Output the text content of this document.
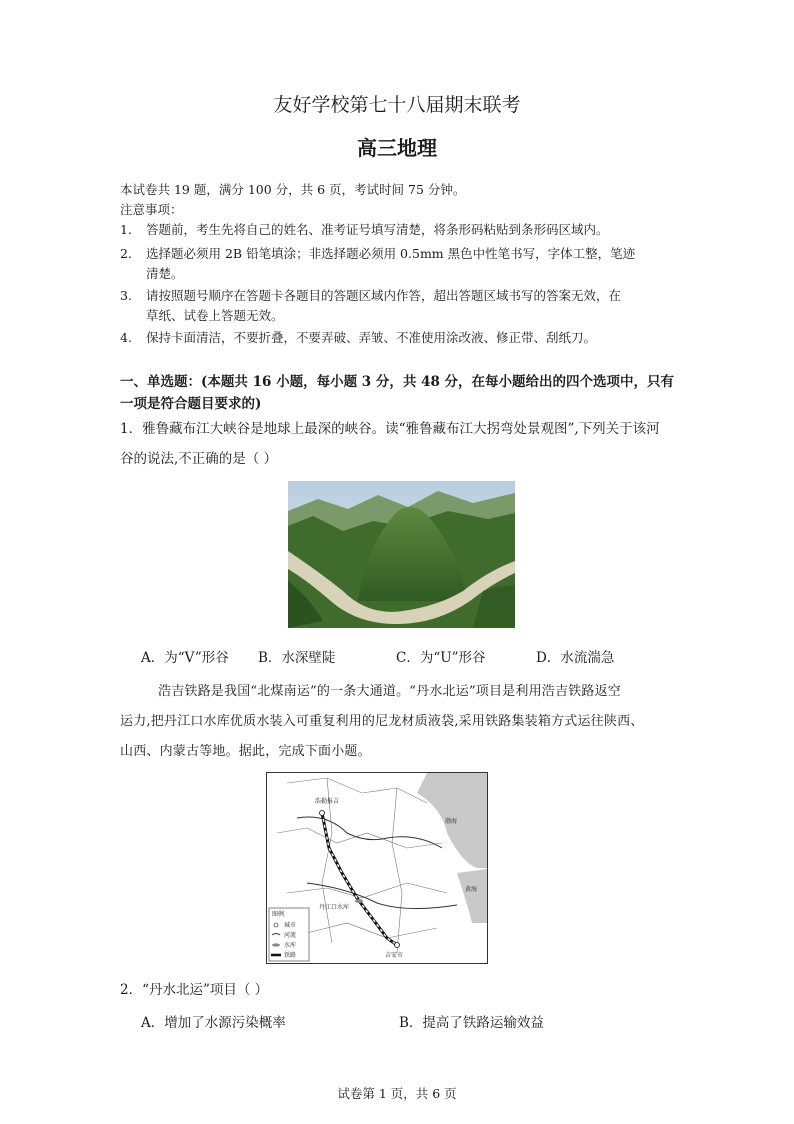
友好学校第七十八届期末联考
高三地理
本试卷共 19 题，满分 100 分，共 6 页，考试时间 75 分钟。
注意事项：
1. 答题前，考生先将自己的姓名、准考证号填写清楚，将条形码粘贴到条形码区域内。
2. 选择题必须用 2B 铅笔填涂；非选择题必须用 0.5mm 黑色中性笔书写，字体工整，笔迹
清楚。
3. 请按照题号顺序在答题卡各题目的答题区域内作答，超出答题区域书写的答案无效，在
草纸、试卷上答题无效。
4. 保持卡面清洁，不要折叠，不要弄破、弄皱、不准使用涂改液、修正带、刮纸刀。
一、单选题：(本题共 16 小题，每小题 3 分，共 48 分，在每小题给出的四个选项中，只有
一项是符合题目要求的)
1．雅鲁藏布江大峡谷是地球上最深的峡谷。读“雅鲁藏布江大拐弯处景观图”,下列关于该河
谷的说法,不正确的是（ ）
A．为“V”形谷 B．水深壁陡	C．为“U”形谷	D．水流湍急
浩吉铁路是我国“北煤南运”的一条大通道。“丹水北运”项目是利用浩吉铁路返空
运力,把丹江口水库优质水装入可重复利用的尼龙材质液袋,采用铁路集装箱方式运往陕西、
山西、内蒙古等地。据此，完成下面小题。
浩勒报吉
丹江口水库
吉安市
渤海
黄海
图例
城市
河流
水库
铁路
2．“丹水北运”项目（ ）
A．增加了水源污染概率	B．提高了铁路运输效益
试卷第 1 页，共 6 页
